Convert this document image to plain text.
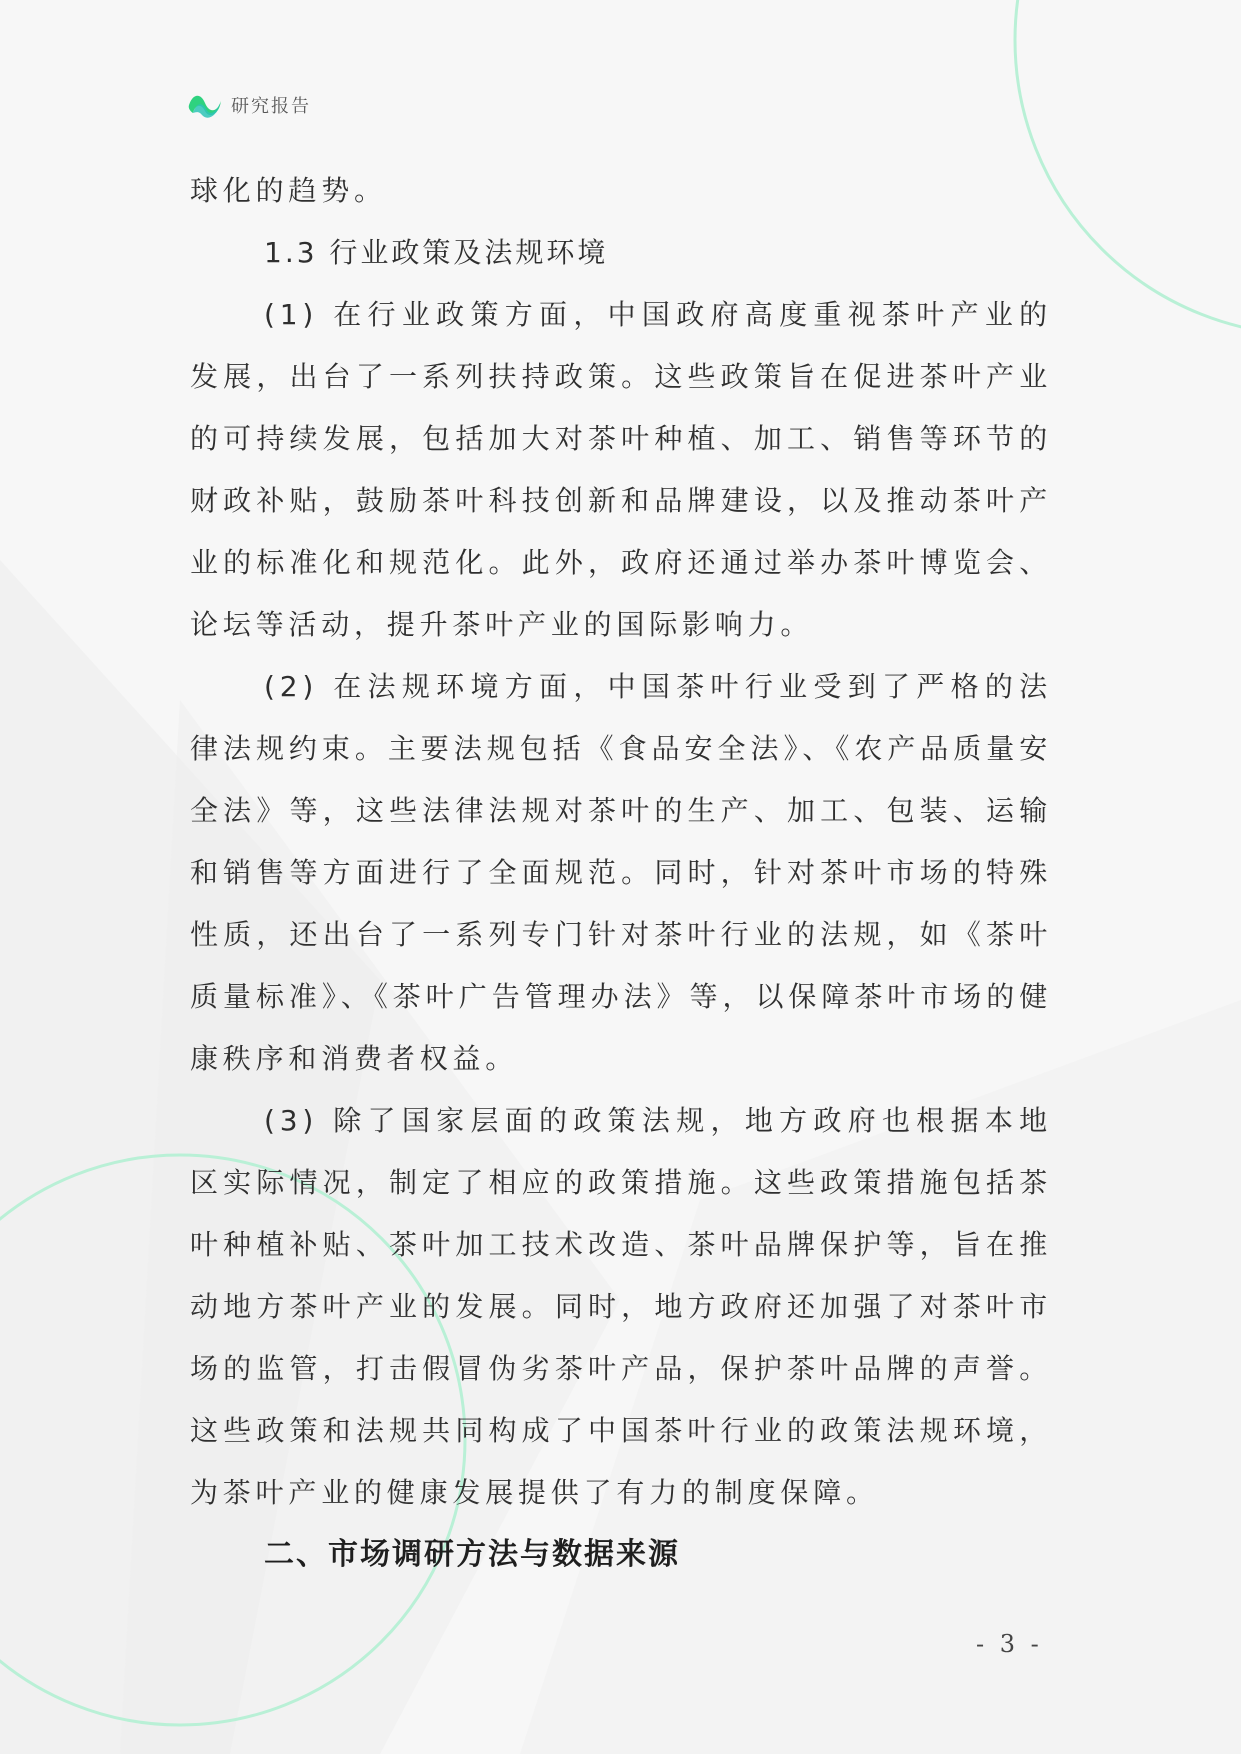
研究报告

球化的趋势。

1.3 行业政策及法规环境

(1) 在行业政策方面，中国政府高度重视茶叶产业的发展，出台了一系列扶持政策。这些政策旨在促进茶叶产业的可持续发展，包括加大对茶叶种植、加工、销售等环节的财政补贴，鼓励茶叶科技创新和品牌建设，以及推动茶叶产业的标准化和规范化。此外，政府还通过举办茶叶博览会、论坛等活动，提升茶叶产业的国际影响力。

(2) 在法规环境方面，中国茶叶行业受到了严格的法律法规约束。主要法规包括《食品安全法》、《农产品质量安全法》等，这些法律法规对茶叶的生产、加工、包装、运输和销售等方面进行了全面规范。同时，针对茶叶市场的特殊性质，还出台了一系列专门针对茶叶行业的法规，如《茶叶质量标准》、《茶叶广告管理办法》等，以保障茶叶市场的健康秩序和消费者权益。

(3) 除了国家层面的政策法规，地方政府也根据本地区实际情况，制定了相应的政策措施。这些政策措施包括茶叶种植补贴、茶叶加工技术改造、茶叶品牌保护等，旨在推动地方茶叶产业的发展。同时，地方政府还加强了对茶叶市场的监管，打击假冒伪劣茶叶产品，保护茶叶品牌的声誉。这些政策和法规共同构成了中国茶叶行业的政策法规环境，为茶叶产业的健康发展提供了有力的制度保障。

二、市场调研方法与数据来源

- 3 -
